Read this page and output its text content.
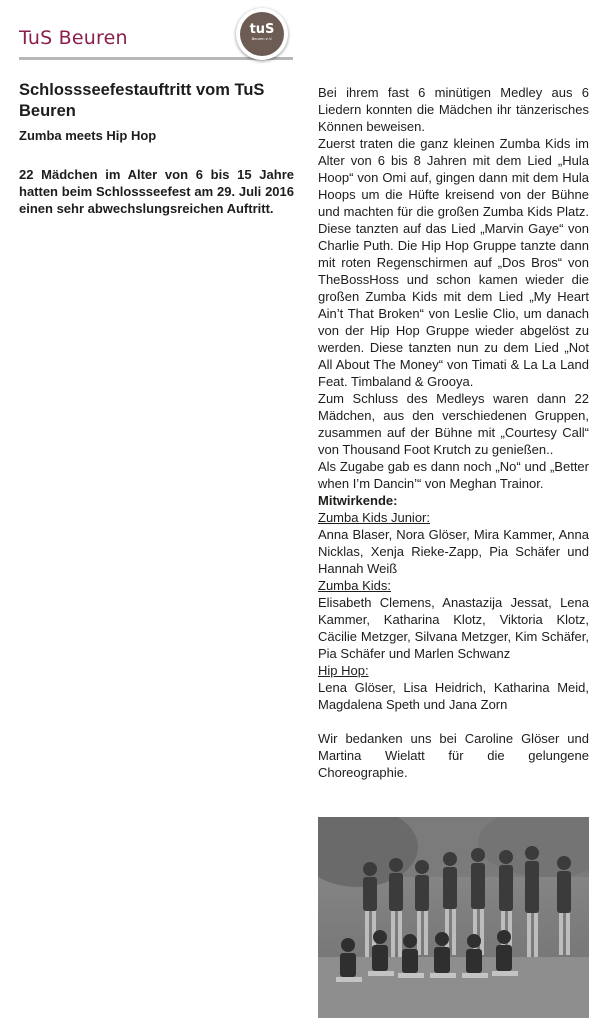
TuS Beuren	tuS
Beuren e.V.
Schlossseefestauftritt vom TuS Beuren
Zumba meets Hip Hop

22 Mädchen im Alter von 6 bis 15 Jahre hatten beim Schlossseefest am 29. Juli 2016 einen sehr abwechslungsreichen Auftritt.

Bei ihrem fast 6 minütigen Medley aus 6 Liedern konnten die Mädchen ihr tänzerisches Können beweisen.

Zuerst traten die ganz kleinen Zumba Kids im Alter von 6 bis 8 Jahren mit dem Lied „Hula Hoop“ von Omi auf, gingen dann mit dem Hula Hoops um die Hüfte kreisend von der Bühne und machten für die großen Zumba Kids Platz. Diese tanzten auf das Lied „Marvin Gaye“ von Charlie Puth. Die Hip Hop Gruppe tanzte dann mit roten Regenschirmen auf „Dos Bros“ von TheBossHoss und schon kamen wieder die großen Zumba Kids mit dem Lied „My Heart Ain’t That Broken“ von Leslie Clio, um danach von der Hip Hop Gruppe wieder abgelöst zu werden. Diese tanzten nun zu dem Lied „Not All About The Money“ von Timati & La La Land Feat. Timbaland & Grooya.

Zum Schluss des Medleys waren dann 22 Mädchen, aus den verschiedenen Gruppen, zusammen auf der Bühne mit „Courtesy Call“ von Thousand Foot Krutch zu genießen..

Als Zugabe gab es dann noch „No“ und „Better when I’m Dancin’“ von Meghan Trainor.

Mitwirkende:

Zumba Kids Junior:

Anna Blaser, Nora Glöser, Mira Kammer, Anna Nicklas, Xenja Rieke-Zapp, Pia Schäfer und Hannah Weiß

Zumba Kids:

Elisabeth Clemens, Anastazija Jessat, Lena Kammer, Katharina Klotz, Viktoria Klotz, Cäcilie Metzger, Silvana Metzger, Kim Schäfer, Pia Schäfer und Marlen Schwanz

Hip Hop:

Lena Glöser, Lisa Heidrich, Katharina Meid, Magdalena Speth und Jana Zorn

Wir bedanken uns bei Caroline Glöser und Martina Wielatt für die gelungene Choreographie.
